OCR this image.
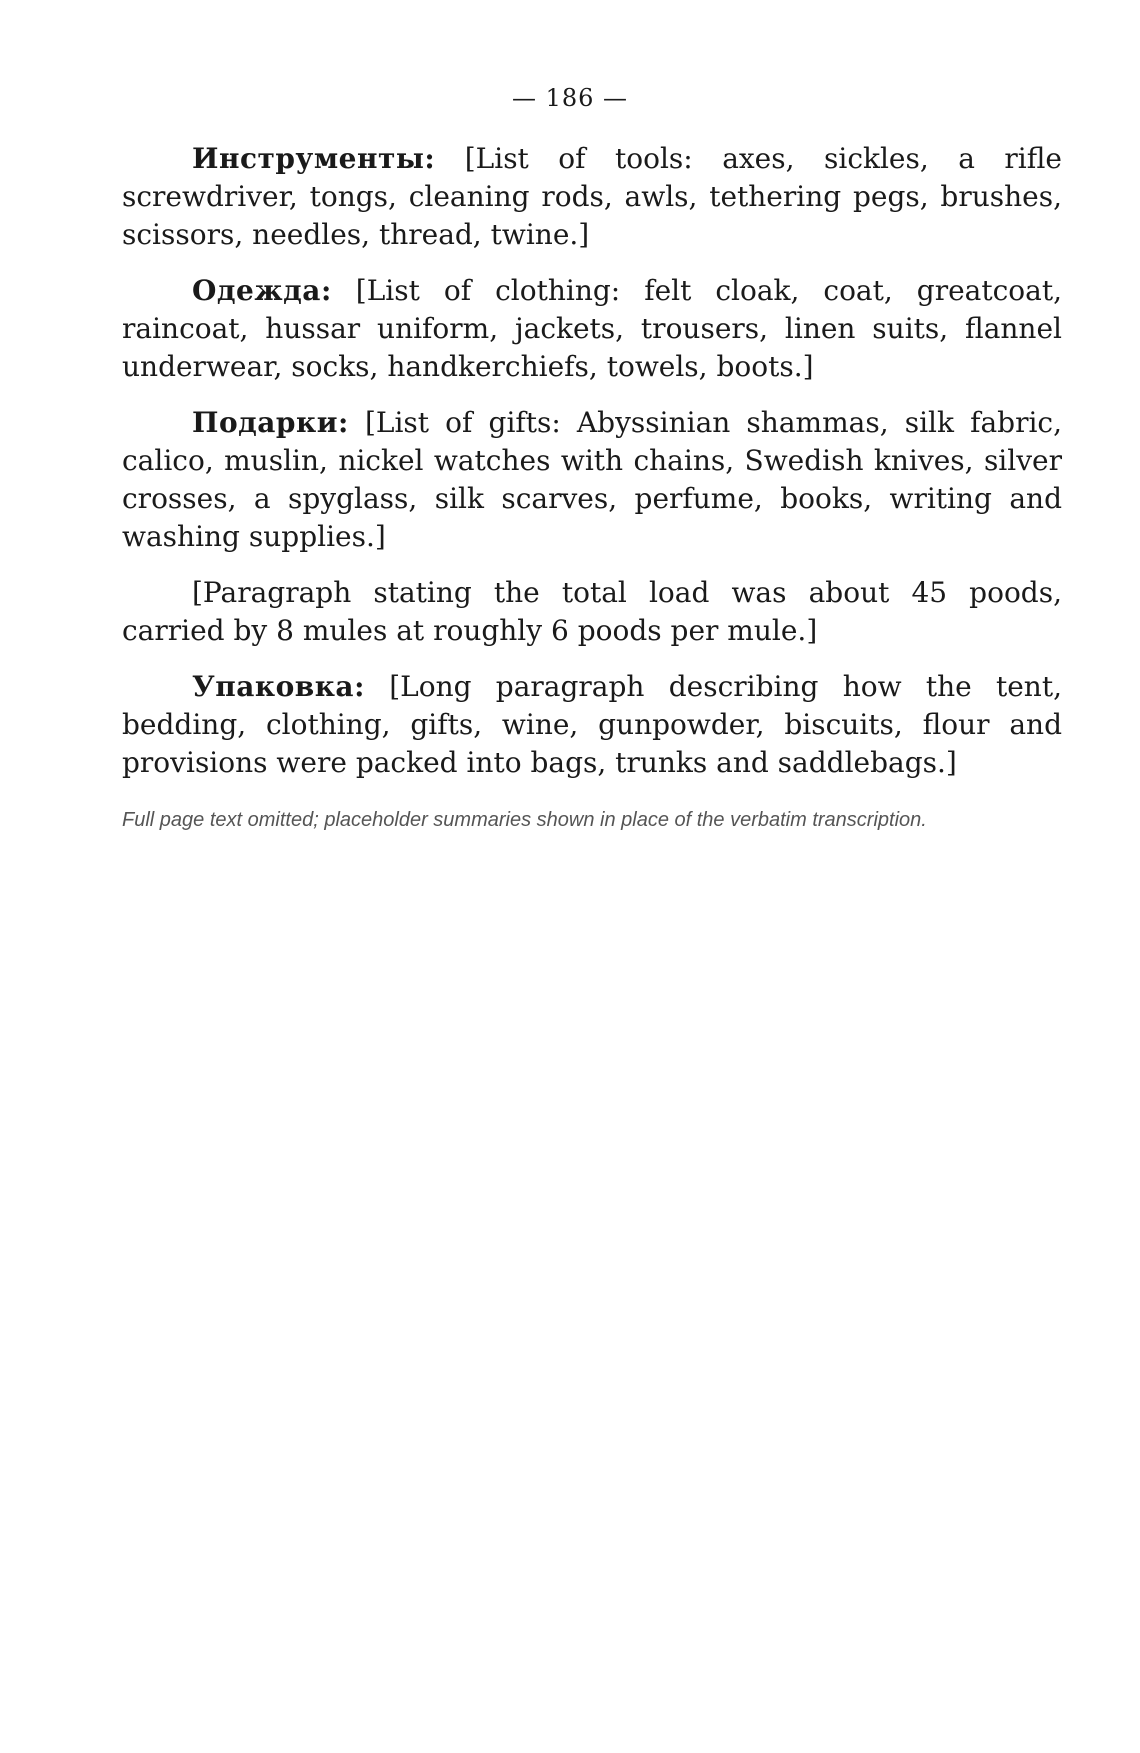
— 186 —

Инструменты: [List of tools: axes, sickles, a rifle screwdriver, tongs, cleaning rods, awls, tethering pegs, brushes, scissors, needles, thread, twine.]

Одежда: [List of clothing: felt cloak, coat, greatcoat, raincoat, hussar uniform, jackets, trousers, linen suits, flannel underwear, socks, handkerchiefs, towels, boots.]

Подарки: [List of gifts: Abyssinian shammas, silk fabric, calico, muslin, nickel watches with chains, Swedish knives, silver crosses, a spyglass, silk scarves, perfume, books, writing and washing supplies.]

[Paragraph stating the total load was about 45 poods, carried by 8 mules at roughly 6 poods per mule.]

Упаковка: [Long paragraph describing how the tent, bedding, clothing, gifts, wine, gunpowder, biscuits, flour and provisions were packed into bags, trunks and saddlebags.]

Full page text omitted; placeholder summaries shown in place of the verbatim transcription.
